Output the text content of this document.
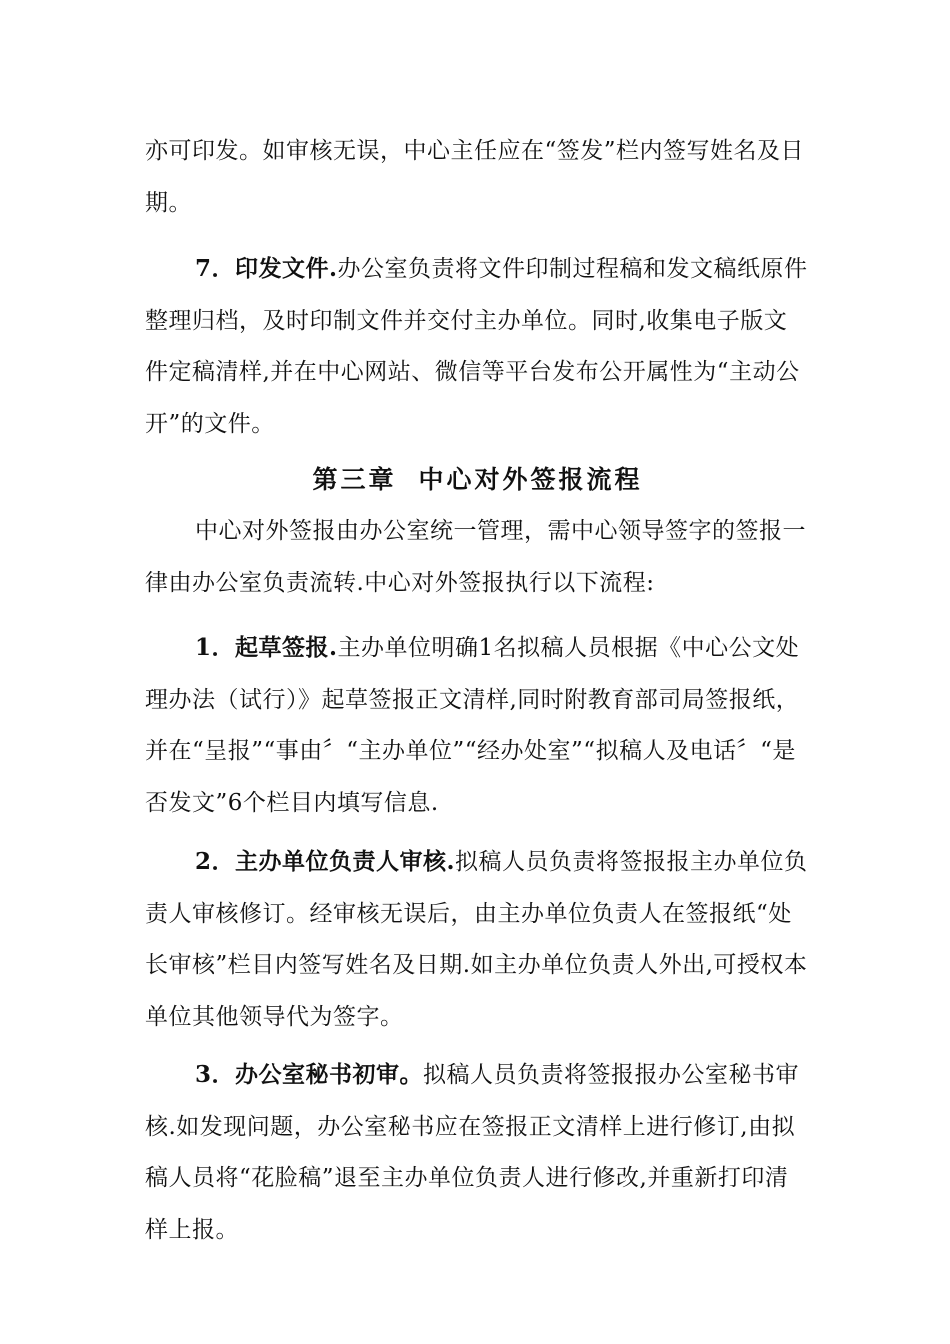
亦可印发。如审核无误，中心主任应在“签发”栏内签写姓名及日期。

7．印发文件.办公室负责将文件印制过程稿和发文稿纸原件整理归档，及时印制文件并交付主办单位。同时,收集电子版文件定稿清样,并在中心网站、微信等平台发布公开属性为“主动公开”的文件。

第三章 中心对外签报流程

中心对外签报由办公室统一管理，需中心领导签字的签报一律由办公室负责流转.中心对外签报执行以下流程:

1．起草签报.主办单位明确1名拟稿人员根据《中心公文处理办法（试行）》起草签报正文清样,同时附教育部司局签报纸，并在“呈报”“事由〞“主办单位”“经办处室”“拟稿人及电话〞“是否发文”6个栏目内填写信息.

2．主办单位负责人审核.拟稿人员负责将签报报主办单位负责人审核修订。经审核无误后，由主办单位负责人在签报纸“处长审核”栏目内签写姓名及日期.如主办单位负责人外出,可授权本单位其他领导代为签字。

3．办公室秘书初审。拟稿人员负责将签报报办公室秘书审核.如发现问题，办公室秘书应在签报正文清样上进行修订,由拟稿人员将“花脸稿”退至主办单位负责人进行修改,并重新打印清样上报。
